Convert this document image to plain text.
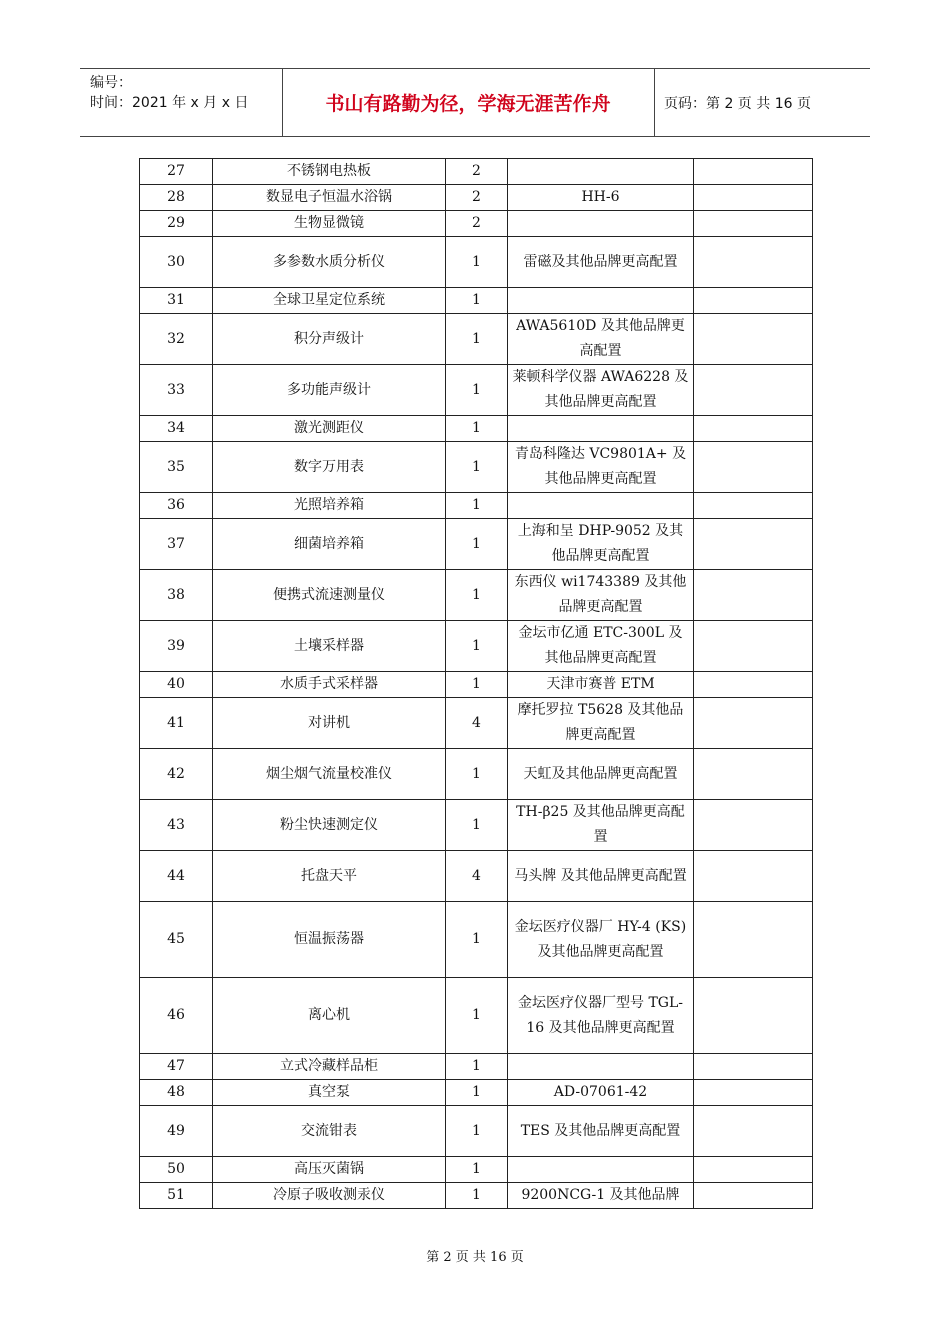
编号：
时间：2021 年 x 月 x 日	书山有路勤为径，学海无涯苦作舟	页码：第 2 页 共 16 页
27	不锈钢电热板	2		
28	数显电子恒温水浴锅	2	HH-6	
29	生物显微镜	2		
30	多参数水质分析仪	1	雷磁及其他品牌更高配置	
31	全球卫星定位系统	1		
32	积分声级计	1	AWA5610D 及其他品牌更高配置	
33	多功能声级计	1	莱顿科学仪器 AWA6228 及其他品牌更高配置	
34	激光测距仪	1		
35	数字万用表	1	青岛科隆达 VC9801A+ 及其他品牌更高配置	
36	光照培养箱	1		
37	细菌培养箱	1	上海和呈 DHP-9052 及其他品牌更高配置	
38	便携式流速测量仪	1	东西仪 wi1743389 及其他品牌更高配置	
39	土壤采样器	1	金坛市亿通 ETC-300L 及其他品牌更高配置	
40	水质手式采样器	1	天津市赛普 ETM	
41	对讲机	4	摩托罗拉 T5628 及其他品牌更高配置	
42	烟尘烟气流量校准仪	1	天虹及其他品牌更高配置	
43	粉尘快速测定仪	1	TH-β25 及其他品牌更高配置	
44	托盘天平	4	马头牌 及其他品牌更高配置	
45	恒温振荡器	1	金坛医疗仪器厂 HY-4 (KS) 及其他品牌更高配置	
46	离心机	1	金坛医疗仪器厂型号 TGL-16 及其他品牌更高配置	
47	立式冷藏样品柜	1		
48	真空泵	1	AD-07061-42	
49	交流钳表	1	TES 及其他品牌更高配置	
50	高压灭菌锅	1		
51	冷原子吸收测汞仪	1	9200NCG-1 及其他品牌	
第 2 页 共 16 页
